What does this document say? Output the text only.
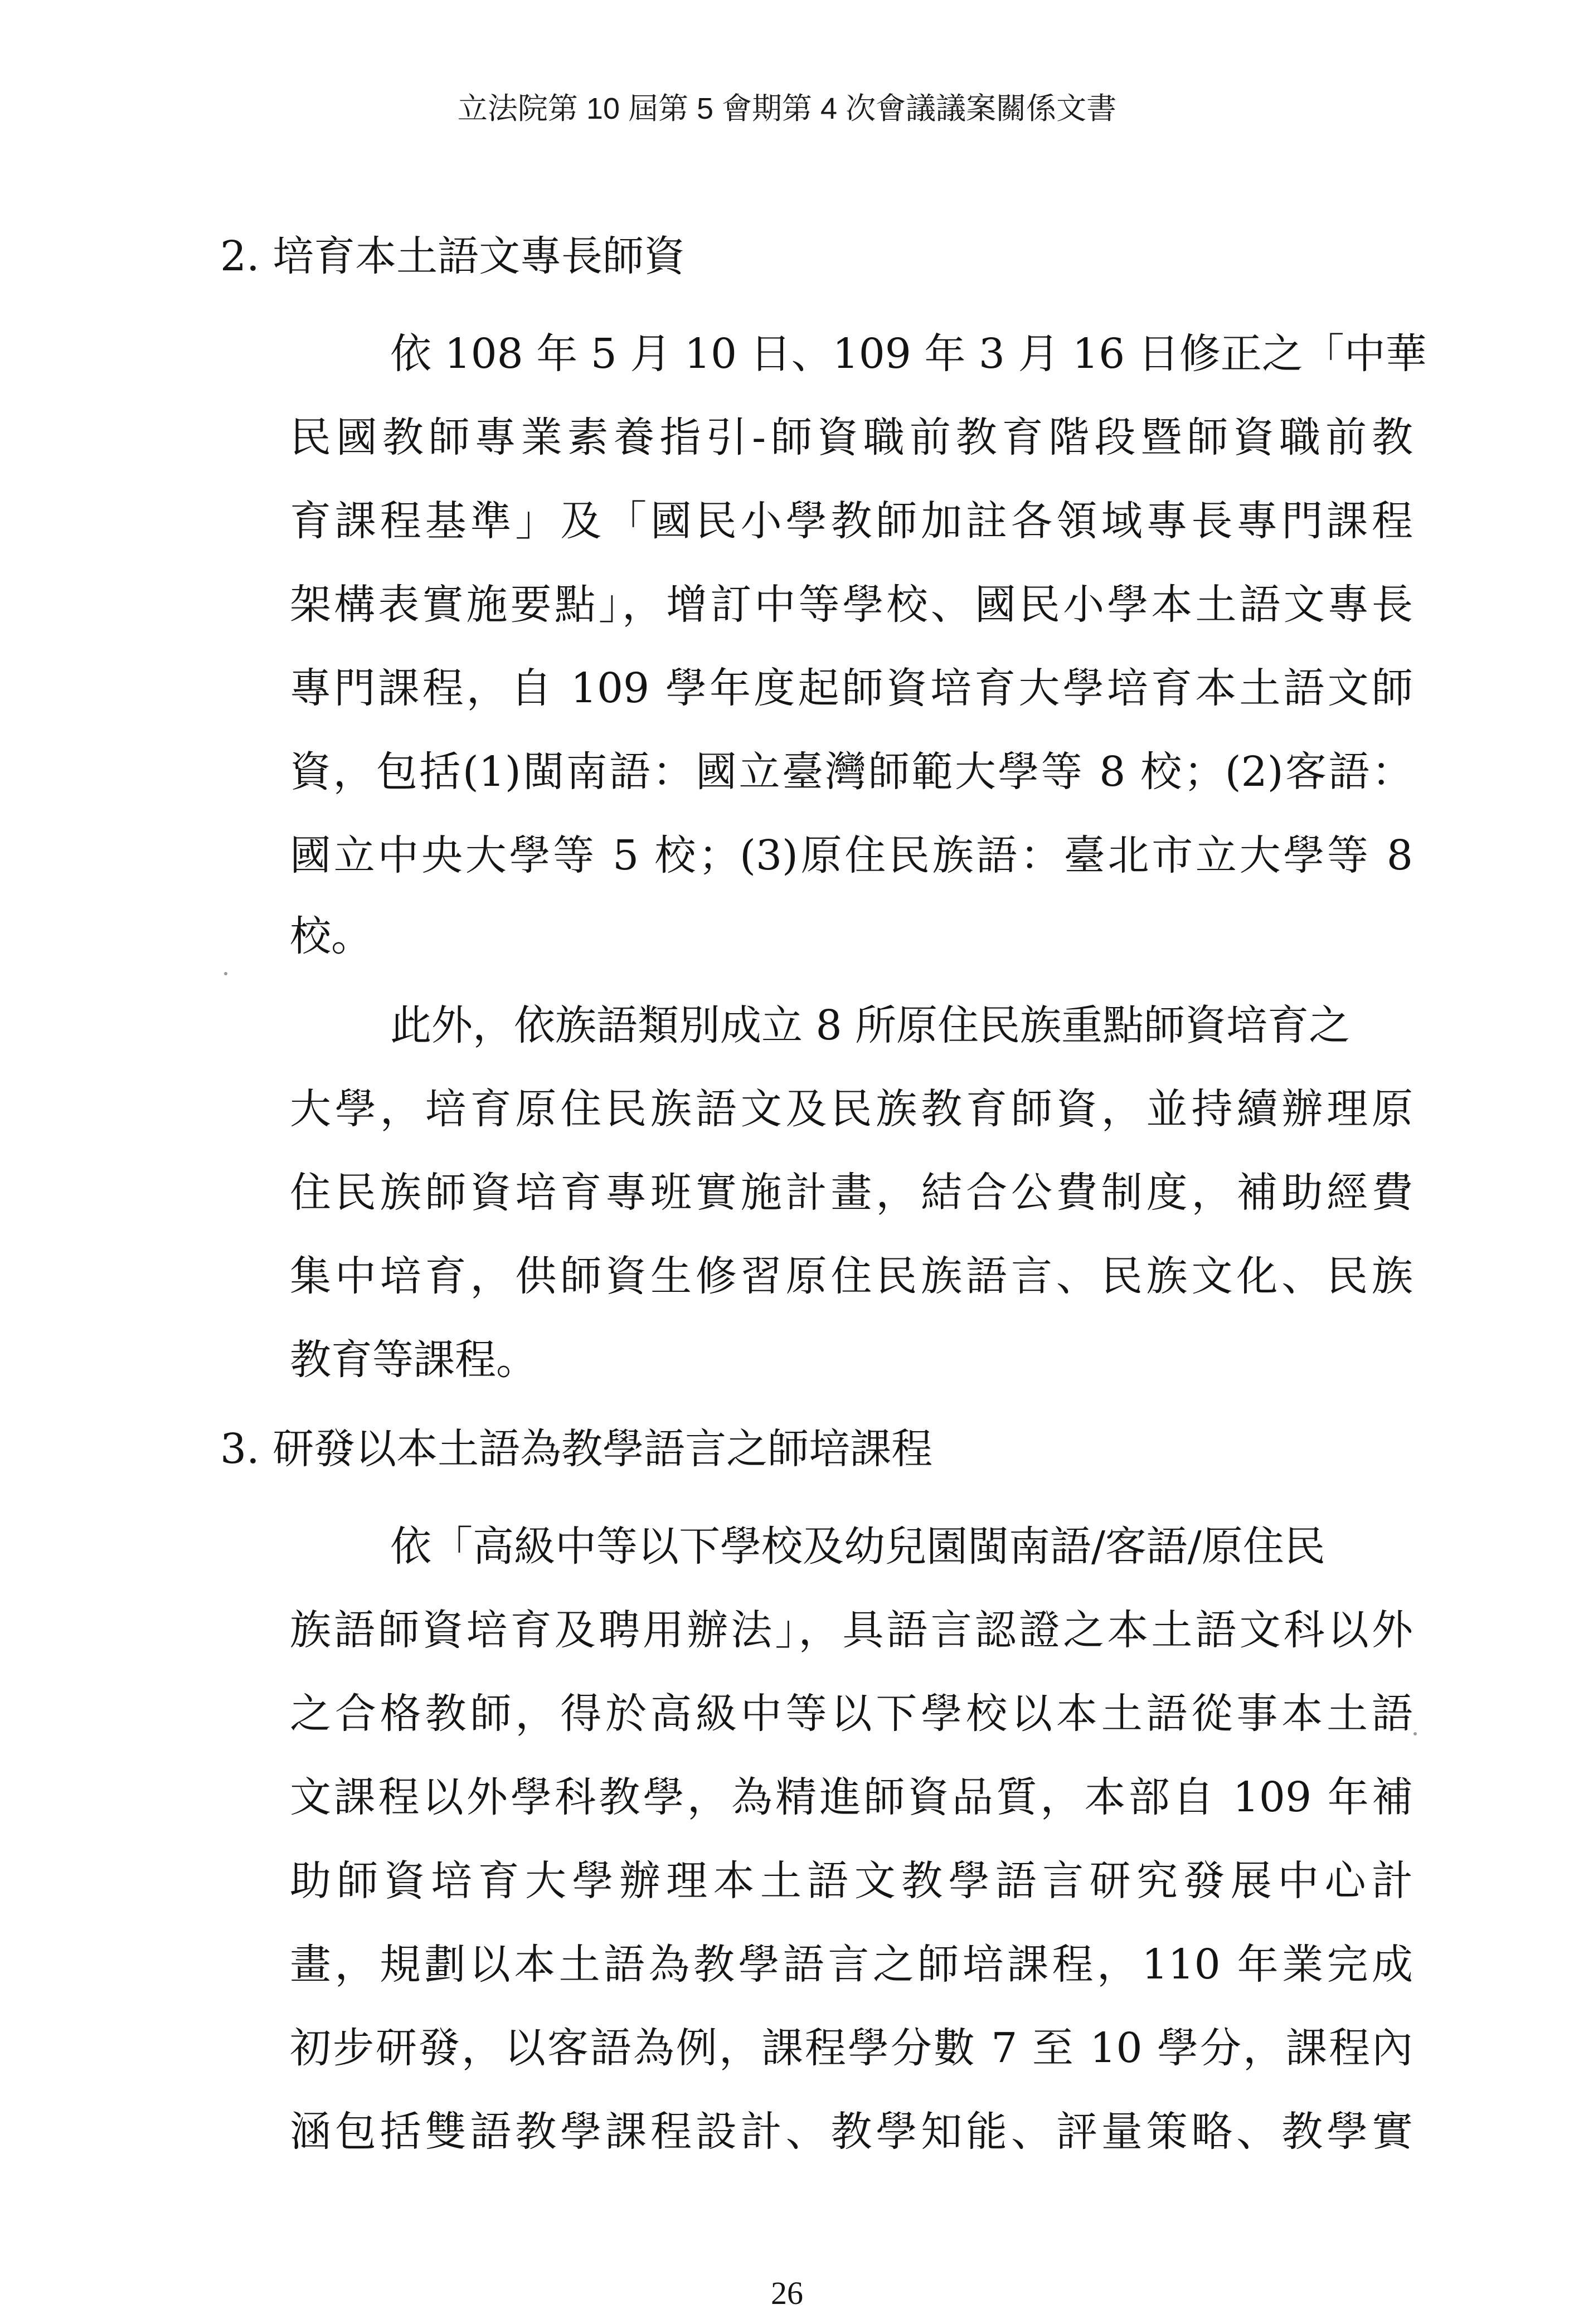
立法院第 10 屆第 5 會期第 4 次會議議案關係文書
2. 培育本土語文專長師資
依 108 年 5 月 10 日、109 年 3 月 16 日修正之「中華
民國教師專業素養指引-師資職前教育階段暨師資職前教
育課程基準」及「國民小學教師加註各領域專長專門課程
架構表實施要點」，增訂中等學校、國民小學本土語文專長
專門課程，自 109 學年度起師資培育大學培育本土語文師
資，包括(1)閩南語：國立臺灣師範大學等 8 校；(2)客語：
國立中央大學等 5 校；(3)原住民族語：臺北市立大學等 8
校。
此外，依族語類別成立 8 所原住民族重點師資培育之
大學，培育原住民族語文及民族教育師資，並持續辦理原
住民族師資培育專班實施計畫，結合公費制度，補助經費
集中培育，供師資生修習原住民族語言、民族文化、民族
教育等課程。
3. 研發以本土語為教學語言之師培課程
依「高級中等以下學校及幼兒園閩南語/客語/原住民
族語師資培育及聘用辦法」，具語言認證之本土語文科以外
之合格教師，得於高級中等以下學校以本土語從事本土語
文課程以外學科教學，為精進師資品質，本部自 109 年補
助師資培育大學辦理本土語文教學語言研究發展中心計
畫，規劃以本土語為教學語言之師培課程，110 年業完成
初步研發，以客語為例，課程學分數 7 至 10 學分，課程內
涵包括雙語教學課程設計、教學知能、評量策略、教學實
26
